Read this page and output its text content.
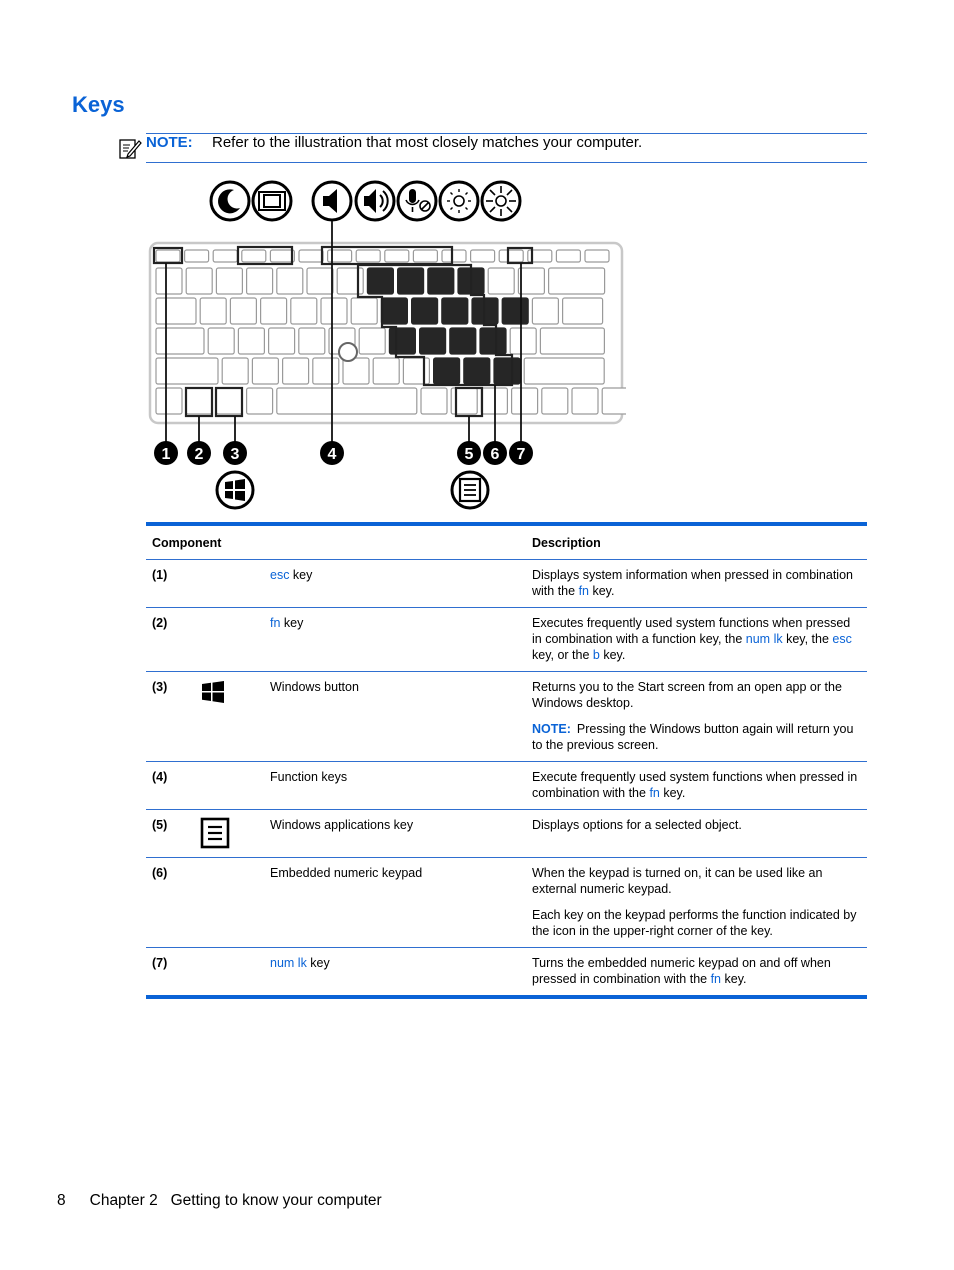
Keys
NOTE: Refer to the illustration that most closely matches your computer.
1 2 3	4	5 6 7
Component			Description
(1)		esc key	Displays system information when pressed in combination with the fn key.

(2)		fn key	Executes frequently used system functions when pressed in combination with a function key, the num lk key, the esc key, or the b key.

(3)		Windows button	Returns you to the Start screen from an open app or the Windows desktop.

NOTE: Pressing the Windows button again will return you to the previous screen.

(4)		Function keys	Execute frequently used system functions when pressed in combination with the fn key.

(5)		Windows applications key	Displays options for a selected object.

(6)		Embedded numeric keypad	When the keypad is turned on, it can be used like an external numeric keypad.

Each key on the keypad performs the function indicated by the icon in the upper-right corner of the key.

(7)		num lk key	Turns the embedded numeric keypad on and off when pressed in combination with the fn key.

8 Chapter 2   Getting to know your computer
